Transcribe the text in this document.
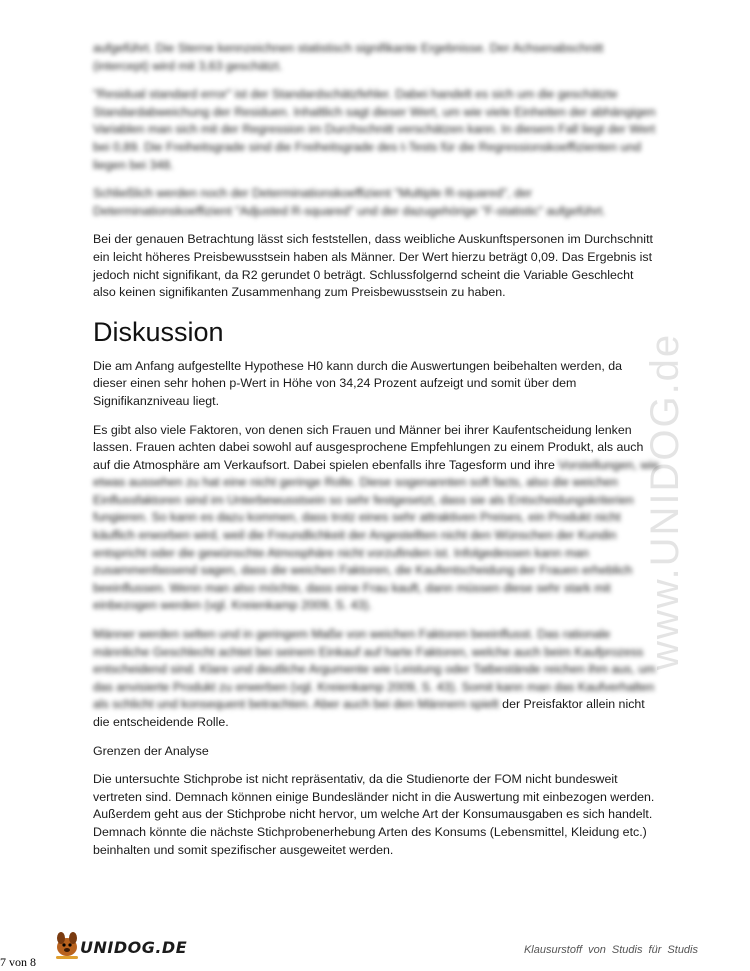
www.UNIDOG.de

aufgeführt. Die Sterne kennzeichnen statistisch signifikante Ergebnisse. Der Achsenabschnitt (intercept) wird mit 3,63 geschätzt.

"Residual standard error" ist der Standardschätzfehler. Dabei handelt es sich um die geschätzte Standardabweichung der Residuen. Inhaltlich sagt dieser Wert, um wie viele Einheiten der abhängigen Variablen man sich mit der Regression im Durchschnitt verschätzen kann. In diesem Fall liegt der Wert bei 0,89. Die Freiheitsgrade sind die Freiheitsgrade des t-Tests für die Regressionskoeffizienten und liegen bei 348.

Schließlich werden noch der Determinationskoeffizient "Multiple R-squared", der Determinationskoeffizient "Adjusted R-squared" und der dazugehörige "F-statistic" aufgeführt.

Bei der genauen Betrachtung lässt sich feststellen, dass weibliche Auskunftspersonen im Durchschnitt ein leicht höheres Preisbewusstsein haben als Männer. Der Wert hierzu beträgt 0,09. Das Ergebnis ist jedoch nicht signifikant, da R2 gerundet 0 beträgt. Schlussfolgernd scheint die Variable Geschlecht also keinen signifikanten Zusammenhang zum Preisbewusstsein zu haben.

Diskussion

Die am Anfang aufgestellte Hypothese H0 kann durch die Auswertungen beibehalten werden, da dieser einen sehr hohen p-Wert in Höhe von 34,24 Prozent aufzeigt und somit über dem Signifikanzniveau liegt.

Es gibt also viele Faktoren, von denen sich Frauen und Männer bei ihrer Kaufentscheidung lenken lassen. Frauen achten dabei sowohl auf ausgesprochene Empfehlungen zu einem Produkt, als auch auf die Atmosphäre am Verkaufsort. Dabei spielen ebenfalls ihre Tagesform und ihre Vorstellungen, wie etwas aussehen zu hat eine nicht geringe Rolle. Diese sogenannten soft facts, also die weichen Einflussfaktoren sind im Unterbewusstsein so sehr festgesetzt, dass sie als Entscheidungskriterien fungieren. So kann es dazu kommen, dass trotz eines sehr attraktiven Preises, ein Produkt nicht käuflich erworben wird, weil die Freundlichkeit der Angestellten nicht den Wünschen der Kundin entspricht oder die gewünschte Atmosphäre nicht vorzufinden ist. Infolgedessen kann man zusammenfassend sagen, dass die weichen Faktoren, die Kaufentscheidung der Frauen erheblich beeinflussen. Wenn man also möchte, dass eine Frau kauft, dann müssen diese sehr stark mit einbezogen werden (vgl. Kreienkamp 2009, S. 43).

Männer werden selten und in geringem Maße von weichen Faktoren beeinflusst. Das rationale männliche Geschlecht achtet bei seinem Einkauf auf harte Faktoren, welche auch beim Kaufprozess entscheidend sind. Klare und deutliche Argumente wie Leistung oder Tatbestände reichen ihm aus, um das anvisierte Produkt zu erwerben (vgl. Kreienkamp 2009, S. 43). Somit kann man das Kaufverhalten als schlicht und konsequent betrachten. Aber auch bei den Männern spielt der Preisfaktor allein nicht die entscheidende Rolle.

Grenzen der Analyse

Die untersuchte Stichprobe ist nicht repräsentativ, da die Studienorte der FOM nicht bundesweit vertreten sind. Demnach können einige Bundesländer nicht in die Auswertung mit einbezogen werden. Außerdem geht aus der Stichprobe nicht hervor, um welche Art der Konsumausgaben es sich handelt. Demnach könnte die nächste Stichprobenerhebung Arten des Konsums (Lebensmittel, Kleidung etc.) beinhalten und somit spezifischer ausgeweitet werden.

UNIDOG.DE	Klausurstoff von Studis für Studis
7 von 8
